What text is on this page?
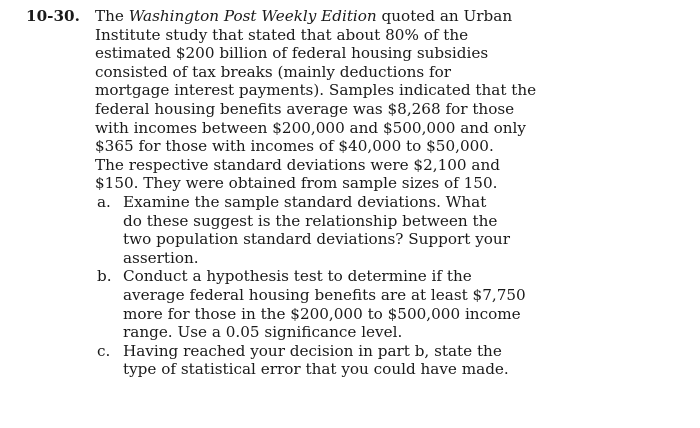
10-30. The Washington Post Weekly Edition quoted an Urban
Institute study that stated that about 80% of the
estimated $200 billion of federal housing subsidies
consisted of tax breaks (mainly deductions for
mortgage interest payments). Samples indicated that the
federal housing benefits average was $8,268 for those
with incomes between $200,000 and $500,000 and only
$365 for those with incomes of $40,000 to $50,000.
The respective standard deviations were $2,100 and
$150. They were obtained from sample sizes of 150.
a. Examine the sample standard deviations. What
do these suggest is the relationship between the
two population standard deviations? Support your
assertion.
b. Conduct a hypothesis test to determine if the
average federal housing benefits are at least $7,750
more for those in the $200,000 to $500,000 income
range. Use a 0.05 significance level.
c. Having reached your decision in part b, state the
type of statistical error that you could have made.
